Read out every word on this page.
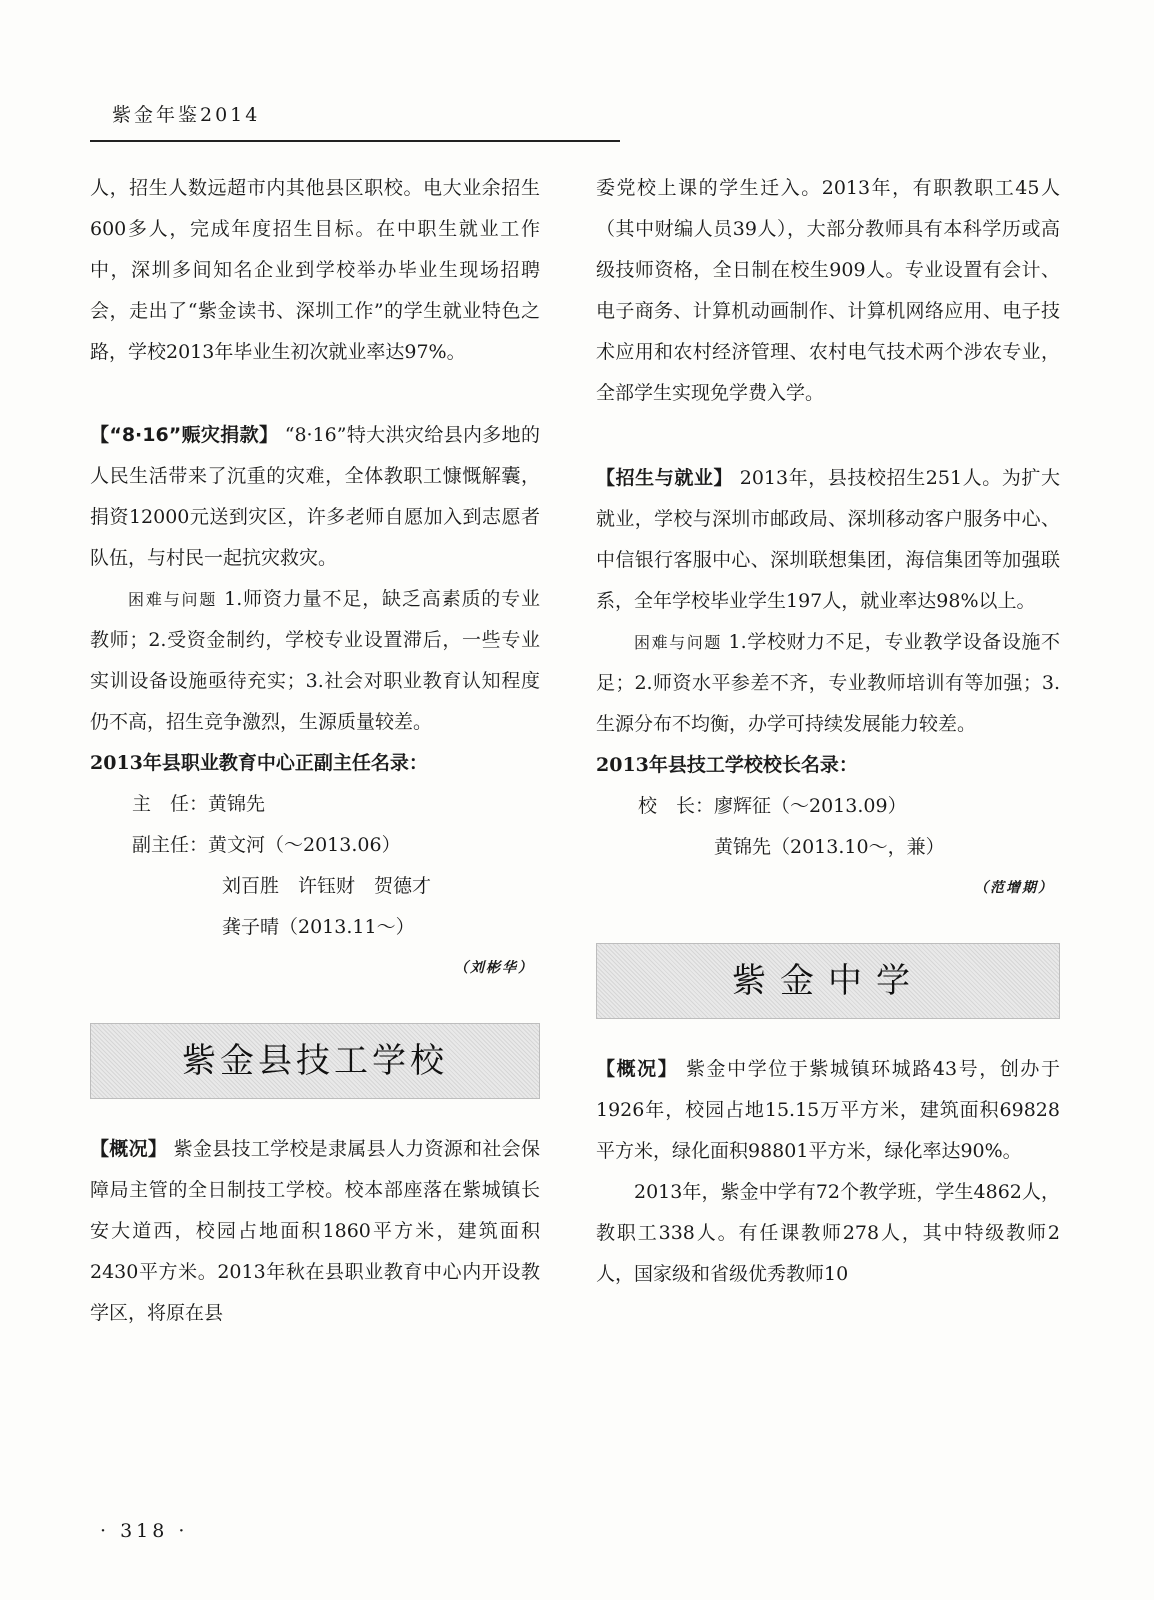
紫金年鉴2014

人，招生人数远超市内其他县区职校。电大业余招生600多人，完成年度招生目标。在中职生就业工作中，深圳多间知名企业到学校举办毕业生现场招聘会，走出了“紫金读书、深圳工作”的学生就业特色之路，学校2013年毕业生初次就业率达97%。

【“8·16”赈灾捐款】 “8·16”特大洪灾给县内多地的人民生活带来了沉重的灾难，全体教职工慷慨解囊，捐资12000元送到灾区，许多老师自愿加入到志愿者队伍，与村民一起抗灾救灾。

困难与问题 1.师资力量不足，缺乏高素质的专业教师；2.受资金制约，学校专业设置滞后，一些专业实训设备设施亟待充实；3.社会对职业教育认知程度仍不高，招生竞争激烈，生源质量较差。

2013年县职业教育中心正副主任名录：

主　任：黄锦先

副主任：黄文河（～2013.06）

刘百胜　许钰财　贺德才

龚子晴（2013.11～）

（刘彬华）

紫金县技工学校

【概况】 紫金县技工学校是隶属县人力资源和社会保障局主管的全日制技工学校。校本部座落在紫城镇长安大道西，校园占地面积1860平方米，建筑面积2430平方米。2013年秋在县职业教育中心内开设教学区，将原在县

委党校上课的学生迁入。2013年，有职教职工45人（其中财编人员39人），大部分教师具有本科学历或高级技师资格，全日制在校生909人。专业设置有会计、电子商务、计算机动画制作、计算机网络应用、电子技术应用和农村经济管理、农村电气技术两个涉农专业，全部学生实现免学费入学。

【招生与就业】 2013年，县技校招生251人。为扩大就业，学校与深圳市邮政局、深圳移动客户服务中心、中信银行客服中心、深圳联想集团，海信集团等加强联系，全年学校毕业学生197人，就业率达98%以上。

困难与问题 1.学校财力不足，专业教学设备设施不足；2.师资水平参差不齐，专业教师培训有等加强；3.生源分布不均衡，办学可持续发展能力较差。

2013年县技工学校校长名录：

校　长：廖辉征（～2013.09）

黄锦先（2013.10～，兼）

（范增期）

紫金中学

【概况】 紫金中学位于紫城镇环城路43号，创办于1926年，校园占地15.15万平方米，建筑面积69828平方米，绿化面积98801平方米，绿化率达90%。

2013年，紫金中学有72个教学班，学生4862人，教职工338人。有任课教师278人，其中特级教师2人，国家级和省级优秀教师10

· 318 ·
